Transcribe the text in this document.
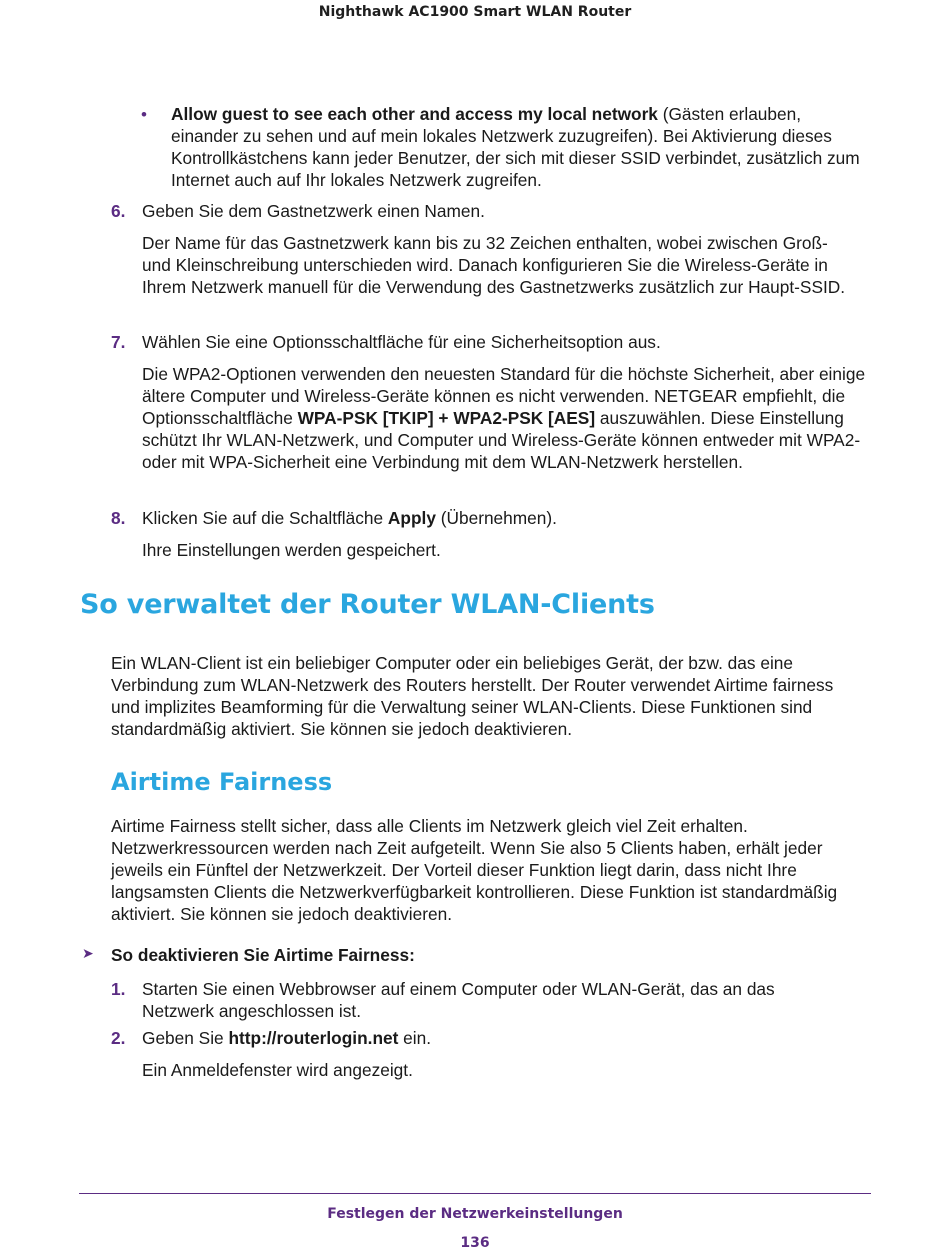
Nighthawk AC1900 Smart WLAN Router
• Allow guest to see each other and access my local network (Gästen erlauben, einander zu sehen und auf mein lokales Netzwerk zuzugreifen). Bei Aktivierung dieses Kontrollkästchens kann jeder Benutzer, der sich mit dieser SSID verbindet, zusätzlich zum Internet auch auf Ihr lokales Netzwerk zugreifen.
6. Geben Sie dem Gastnetzwerk einen Namen.
Der Name für das Gastnetzwerk kann bis zu 32 Zeichen enthalten, wobei zwischen Groß- und Kleinschreibung unterschieden wird. Danach konfigurieren Sie die Wireless-Geräte in Ihrem Netzwerk manuell für die Verwendung des Gastnetzwerks zusätzlich zur Haupt-SSID.
7. Wählen Sie eine Optionsschaltfläche für eine Sicherheitsoption aus.
Die WPA2-Optionen verwenden den neuesten Standard für die höchste Sicherheit, aber einige ältere Computer und Wireless-Geräte können es nicht verwenden. NETGEAR empfiehlt, die Optionsschaltfläche WPA-PSK [TKIP] + WPA2-PSK [AES] auszuwählen. Diese Einstellung schützt Ihr WLAN-Netzwerk, und Computer und Wireless-Geräte können entweder mit WPA2- oder mit WPA-Sicherheit eine Verbindung mit dem WLAN-Netzwerk herstellen.
8. Klicken Sie auf die Schaltfläche Apply (Übernehmen).
Ihre Einstellungen werden gespeichert.
So verwaltet der Router WLAN-Clients
Ein WLAN-Client ist ein beliebiger Computer oder ein beliebiges Gerät, der bzw. das eine Verbindung zum WLAN-Netzwerk des Routers herstellt. Der Router verwendet Airtime fairness und implizites Beamforming für die Verwaltung seiner WLAN-Clients. Diese Funktionen sind standardmäßig aktiviert. Sie können sie jedoch deaktivieren.
Airtime Fairness
Airtime Fairness stellt sicher, dass alle Clients im Netzwerk gleich viel Zeit erhalten. Netzwerkressourcen werden nach Zeit aufgeteilt. Wenn Sie also 5 Clients haben, erhält jeder jeweils ein Fünftel der Netzwerkzeit. Der Vorteil dieser Funktion liegt darin, dass nicht Ihre langsamsten Clients die Netzwerkverfügbarkeit kontrollieren. Diese Funktion ist standardmäßig aktiviert. Sie können sie jedoch deaktivieren.
➤ So deaktivieren Sie Airtime Fairness:
1. Starten Sie einen Webbrowser auf einem Computer oder WLAN-Gerät, das an das Netzwerk angeschlossen ist.
2. Geben Sie http://routerlogin.net ein.
Ein Anmeldefenster wird angezeigt.
Festlegen der Netzwerkeinstellungen
136
